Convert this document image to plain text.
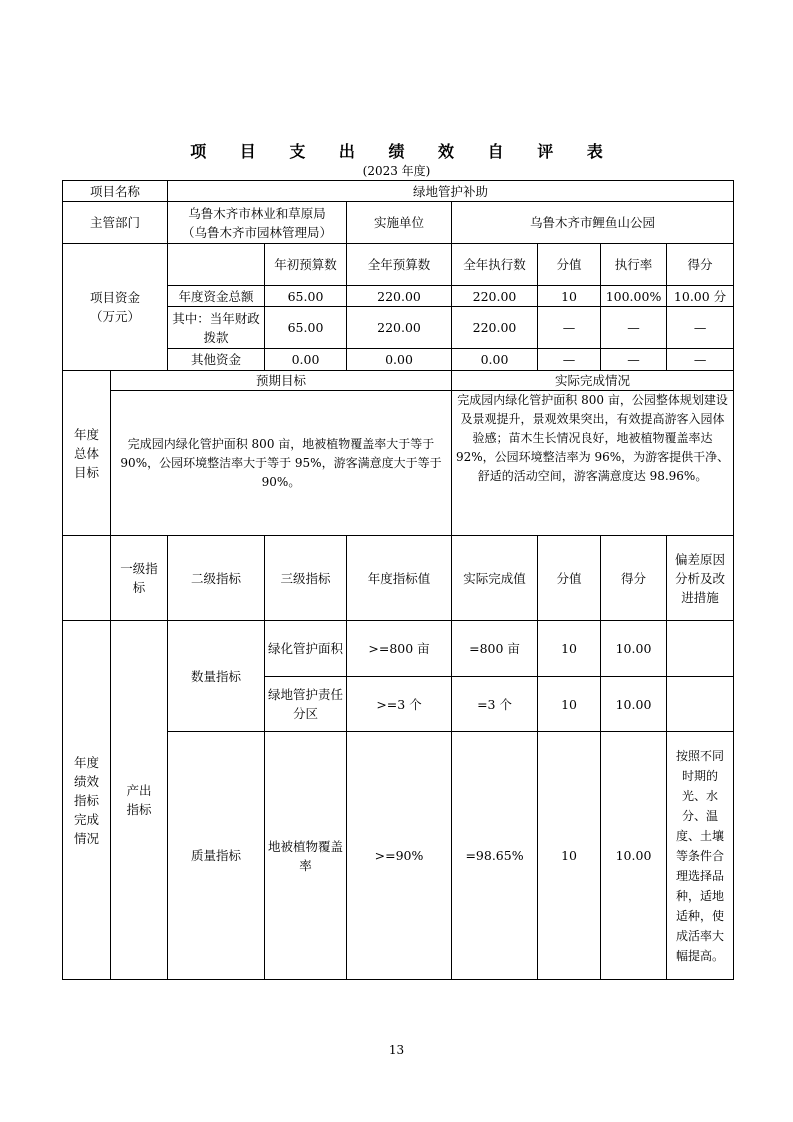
项 目 支 出 绩 效 自 评 表
(2023 年度)
项目名称		绿地管护补助						
主管部门		乌鲁木齐市林业和草原局
（乌鲁木齐市园林管理局）		实施单位	乌鲁木齐市鲤鱼山公园			

项目资金
（万元）			年初预算数	全年预算数	全年执行数	分值	执行率	得分
		年度资金总额	65.00	220.00	220.00	10	100.00%	10.00 分
		其中：当年财政拨款	65.00	220.00	220.00	—	—	—
		其他资金	0.00	0.00	0.00	—	—	—
年度总体目标	预期目标				实际完成情况			
	完成园内绿化管护面积 800 亩，地被植物覆盖率大于等于 90%，公园环境整洁率大于等于 95%，游客满意度大于等于 90%。				完成园内绿化管护面积 800 亩，公园整体规划建设及景观提升，景观效果突出，有效提高游客入园体验感；苗木生长情况良好，地被植物覆盖率达 92%，公园环境整洁率为 96%，为游客提供干净、舒适的活动空间，游客满意度达 98.96%。			
	一级指标	二级指标	三级指标	年度指标值	实际完成值	分值	得分	偏差原因分析及改进措施
年度绩效指标完成情况	产出指标	数量指标	绿化管护面积	>=800 亩	=800 亩	10	10.00	
			绿地管护责任分区	>=3 个	=3 个	10	10.00	
		质量指标	地被植物覆盖率	>=90%	=98.65%	10	10.00	按照不同时期的光、水分、温度、土壤等条件合理选择品种，适地适种，使成活率大幅提高。
13
